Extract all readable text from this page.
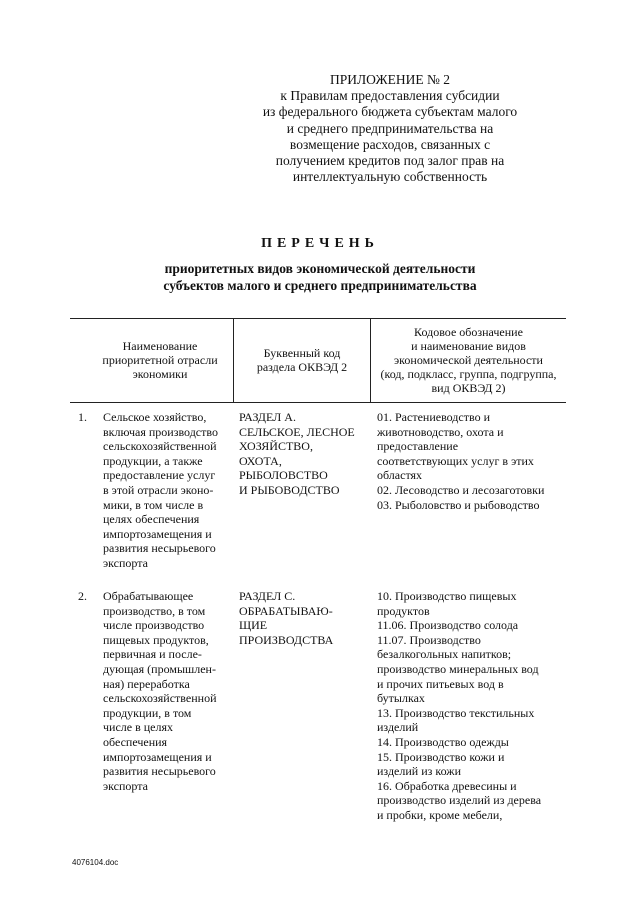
ПРИЛОЖЕНИЕ № 2
к Правилам предоставления субсидии
из федерального бюджета субъектам малого
и среднего предпринимательства на
возмещение расходов, связанных с
получением кредитов под залог прав на
интеллектуальную собственность
ПЕРЕЧЕНЬ
приоритетных видов экономической деятельности
субъектов малого и среднего предпринимательства
Наименование
приоритетной отрасли
экономики
Буквенный код
раздела ОКВЭД 2
Кодовое обозначение
и наименование видов
экономической деятельности
(код, подкласс, группа, подгруппа,
вид ОКВЭД 2)
1. Сельское хозяйство,
включая производство
сельскохозяйственной
продукции, а также
предоставление услуг
в этой отрасли эконо-
мики, в том числе в
целях обеспечения
импортозамещения и
развития несырьевого
экспорта
РАЗДЕЛ А.
СЕЛЬСКОЕ, ЛЕСНОЕ
ХОЗЯЙСТВО,
ОХОТА,
РЫБОЛОВСТВО
И РЫБОВОДСТВО
01. Растениеводство и
животноводство, охота и
предоставление
соответствующих услуг в этих
областях
02. Лесоводство и лесозаготовки
03. Рыболовство и рыбоводство
2. Обрабатывающее
производство, в том
числе производство
пищевых продуктов,
первичная и после-
дующая (промышлен-
ная) переработка
сельскохозяйственной
продукции, в том
числе в целях
обеспечения
импортозамещения и
развития несырьевого
экспорта
РАЗДЕЛ С.
ОБРАБАТЫВАЮ-
ЩИЕ
ПРОИЗВОДСТВА
10. Производство пищевых
продуктов
11.06. Производство солода
11.07. Производство
безалкогольных напитков;
производство минеральных вод
и прочих питьевых вод в
бутылках
13. Производство текстильных
изделий
14. Производство одежды
15. Производство кожи и
изделий из кожи
16. Обработка древесины и
производство изделий из дерева
и пробки, кроме мебели,
4076104.doc
